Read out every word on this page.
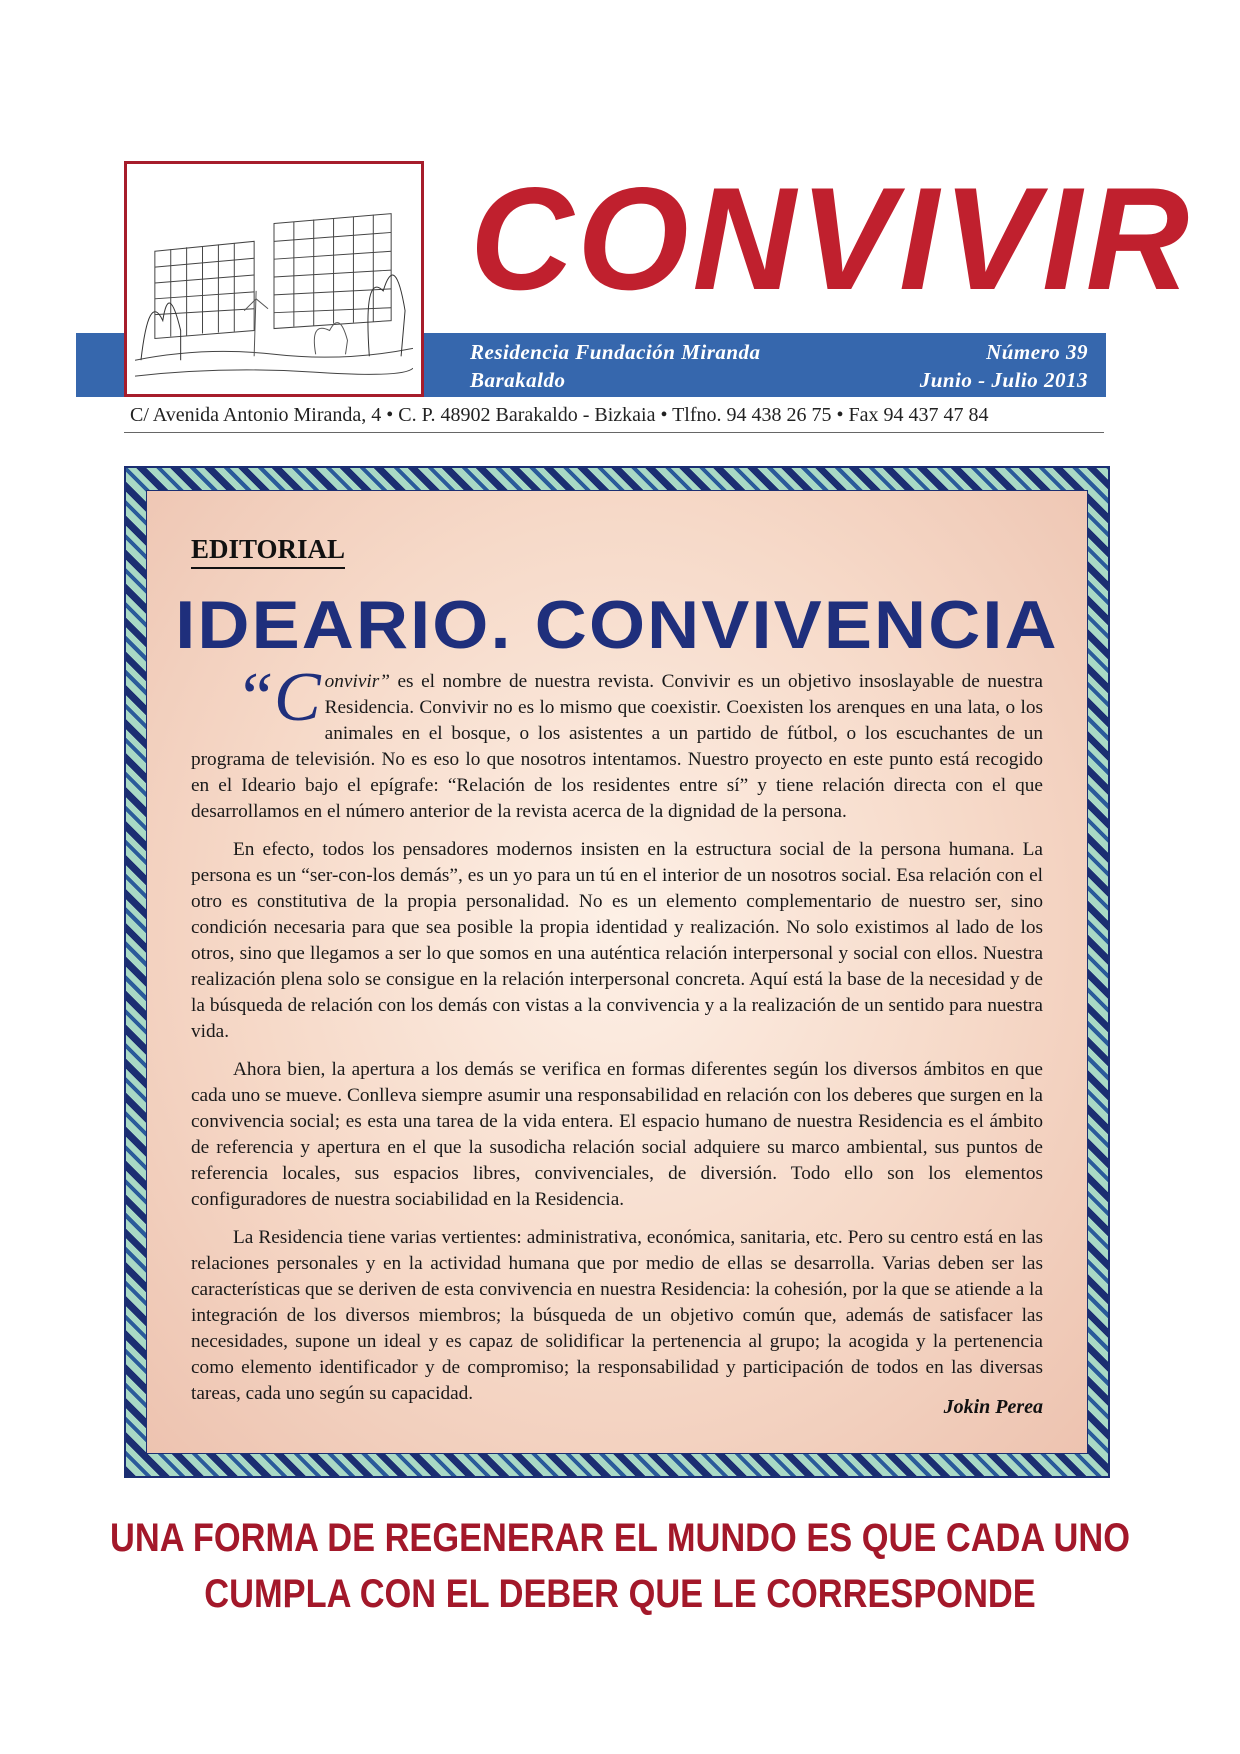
CONVIVIR
Residencia Fundación Miranda
Barakaldo
Número 39
Junio - Julio 2013
C/ Avenida Antonio Miranda, 4 • C. P. 48902 Barakaldo - Bizkaia • Tlfno. 94 438 26 75 • Fax 94 437 47 84
EDITORIAL
IDEARIO. CONVIVENCIA

“C onvivir” es el nombre de nuestra revista. Convivir es un objetivo insoslayable de nuestra Residencia. Convivir no es lo mismo que coexistir. Coexisten los arenques en una lata, o los animales en el bosque, o los asistentes a un partido de fútbol, o los escuchantes de un programa de televisión. No es eso lo que nosotros intentamos. Nuestro proyecto en este punto está recogido en el Ideario bajo el epígrafe: “Relación de los residentes entre sí” y tiene relación directa con el que desarrollamos en el número anterior de la revista acerca de la dignidad de la persona.

En efecto, todos los pensadores modernos insisten en la estructura social de la persona humana. La persona es un “ser-con-los demás”, es un yo para un tú en el interior de un nosotros social. Esa relación con el otro es constitutiva de la propia personalidad. No es un elemento complementario de nuestro ser, sino condición necesaria para que sea posible la propia identidad y realización. No solo existimos al lado de los otros, sino que llegamos a ser lo que somos en una auténtica relación interpersonal y social con ellos. Nuestra realización plena solo se consigue en la relación interpersonal concreta. Aquí está la base de la necesidad y de la búsqueda de relación con los demás con vistas a la convivencia y a la realización de un sentido para nuestra vida.

Ahora bien, la apertura a los demás se verifica en formas diferentes según los diversos ámbitos en que cada uno se mueve. Conlleva siempre asumir una responsabilidad en relación con los deberes que surgen en la convivencia social; es esta una tarea de la vida entera. El espacio humano de nuestra Residencia es el ámbito de referencia y apertura en el que la susodicha relación social adquiere su marco ambiental, sus puntos de referencia locales, sus espacios libres, convivenciales, de diversión. Todo ello son los elementos configuradores de nuestra sociabilidad en la Residencia.

La Residencia tiene varias vertientes: administrativa, económica, sanitaria, etc. Pero su centro está en las relaciones personales y en la actividad humana que por medio de ellas se desarrolla. Varias deben ser las características que se deriven de esta convivencia en nuestra Residencia: la cohesión, por la que se atiende a la integración de los diversos miembros; la búsqueda de un objetivo común que, además de satisfacer las necesidades, supone un ideal y es capaz de solidificar la pertenencia al grupo; la acogida y la pertenencia como elemento identificador y de compromiso; la responsabilidad y participación de todos en las diversas tareas, cada uno según su capacidad.

Jokin Perea

UNA FORMA DE REGENERAR EL MUNDO ES QUE CADA UNO
CUMPLA CON EL DEBER QUE LE CORRESPONDE
